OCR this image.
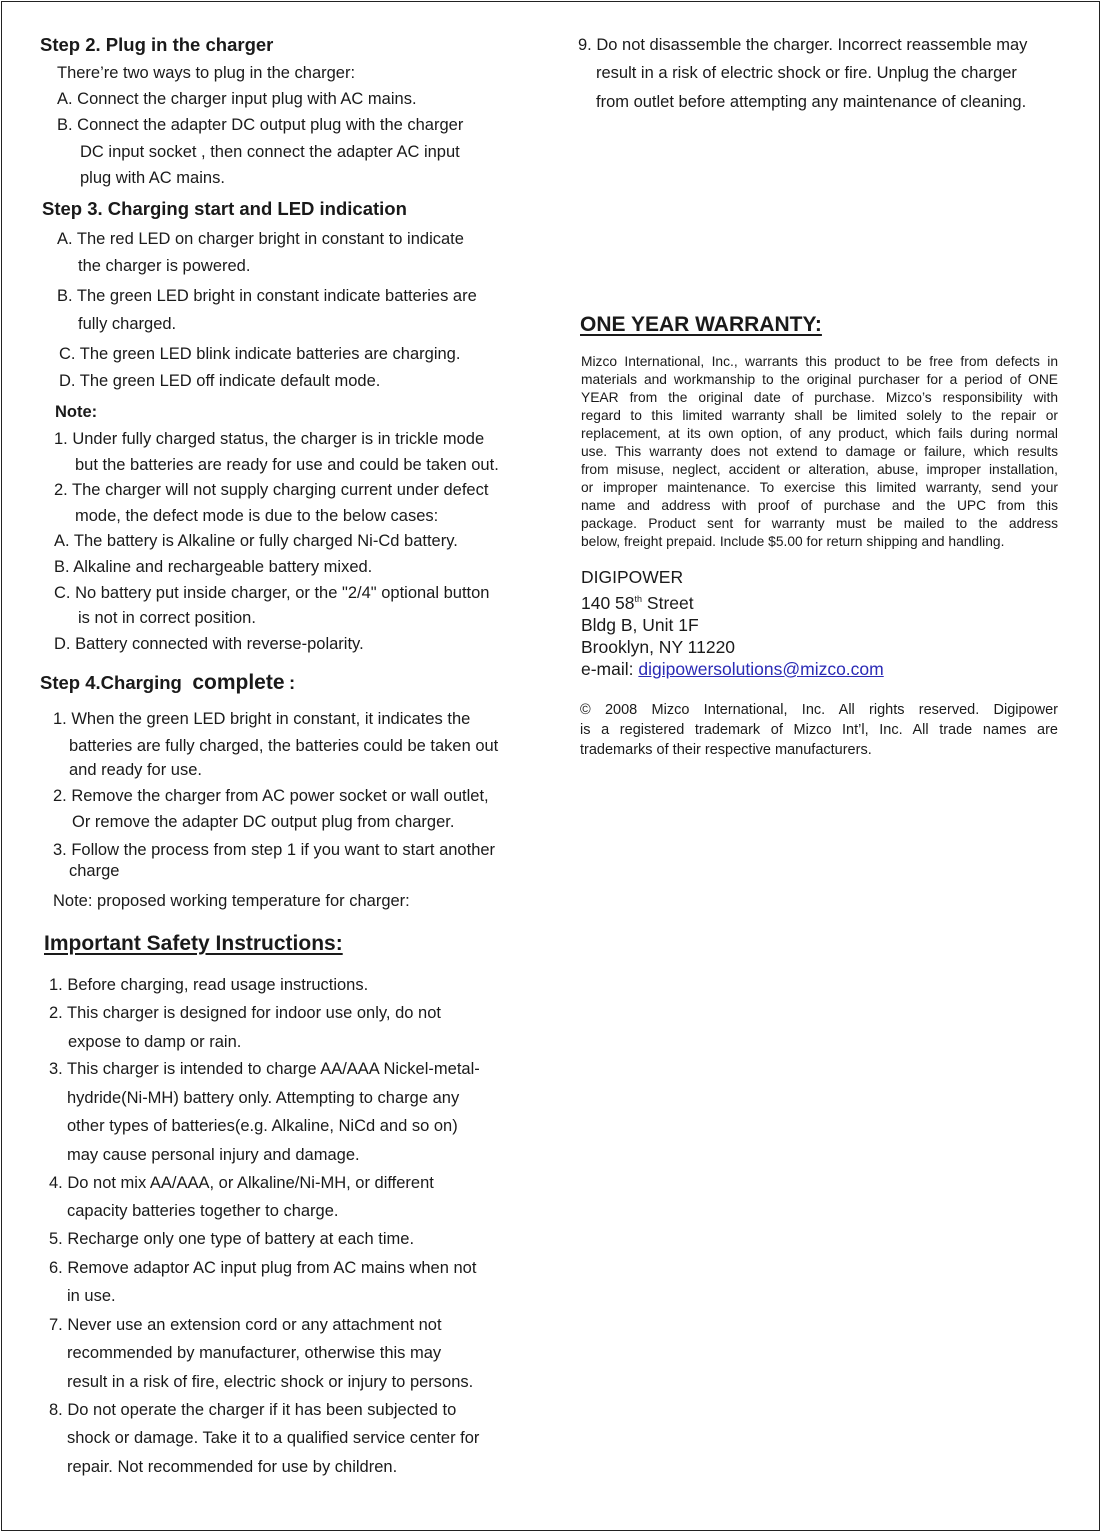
Step 2. Plug in the charger
There’re two ways to plug in the charger:
A. Connect the charger input plug with AC mains.
B. Connect the adapter DC output plug with the charger
DC input socket , then connect the adapter AC input
plug with AC mains.
Step 3. Charging start and LED indication
A. The red LED on charger bright in constant to indicate
the charger is powered.
B. The green LED bright in constant indicate batteries are
fully charged.
C. The green LED blink indicate batteries are charging.
D. The green LED off indicate default mode.
Note:
1. Under fully charged status, the charger is in trickle mode
but the batteries are ready for use and could be taken out.
2. The charger will not supply charging current under defect
mode, the defect mode is due to the below cases:
A. The battery is Alkaline or fully charged Ni-Cd battery.
B. Alkaline and rechargeable battery mixed.
C. No battery put inside charger, or the "2/4" optional button
is not in correct position.
D. Battery connected with reverse-polarity.
Step 4.Charging complete :
1. When the green LED bright in constant, it indicates the
batteries are fully charged, the batteries could be taken out
and ready for use.
2. Remove the charger from AC power socket or wall outlet,
Or remove the adapter DC output plug from charger.
3. Follow the process from step 1 if you want to start another
charge
Note: proposed working temperature for charger:
Important Safety Instructions:
1. Before charging, read usage instructions.
2. This charger is designed for indoor use only, do not
expose to damp or rain.
3. This charger is intended to charge AA/AAA Nickel-metal-
hydride(Ni-MH) battery only. Attempting to charge any
other types of batteries(e.g. Alkaline, NiCd and so on)
may cause personal injury and damage.
4. Do not mix AA/AAA, or Alkaline/Ni-MH, or different
capacity batteries together to charge.
5. Recharge only one type of battery at each time.
6. Remove adaptor AC input plug from AC mains when not
in use.
7. Never use an extension cord or any attachment not
recommended by manufacturer, otherwise this may
result in a risk of fire, electric shock or injury to persons.
8. Do not operate the charger if it has been subjected to
shock or damage. Take it to a qualified service center for
repair. Not recommended for use by children.
9. Do not disassemble the charger. Incorrect reassemble may
result in a risk of electric shock or fire. Unplug the charger
from outlet before attempting any maintenance of cleaning.
ONE YEAR WARRANTY:
Mizco International, Inc., warrants this product to be free from defects in
materials and workmanship to the original purchaser for a period of ONE
YEAR from the original date of purchase. Mizco’s responsibility with
regard to this limited warranty shall be limited solely to the repair or
replacement, at its own option, of any product, which fails during normal
use. This warranty does not extend to damage or failure, which results
from misuse, neglect, accident or alteration, abuse, improper installation,
or improper maintenance. To exercise this limited warranty, send your
name and address with proof of purchase and the UPC from this
package. Product sent for warranty must be mailed to the address
below, freight prepaid. Include $5.00 for return shipping and handling.
DIGIPOWER
140 58th Street
Bldg B, Unit 1F
Brooklyn, NY 11220
e-mail: digipowersolutions@mizco.com
© 2008 Mizco International, Inc. All rights reserved. Digipower
is a registered trademark of Mizco Int’l, Inc. All trade names are
trademarks of their respective manufacturers.
